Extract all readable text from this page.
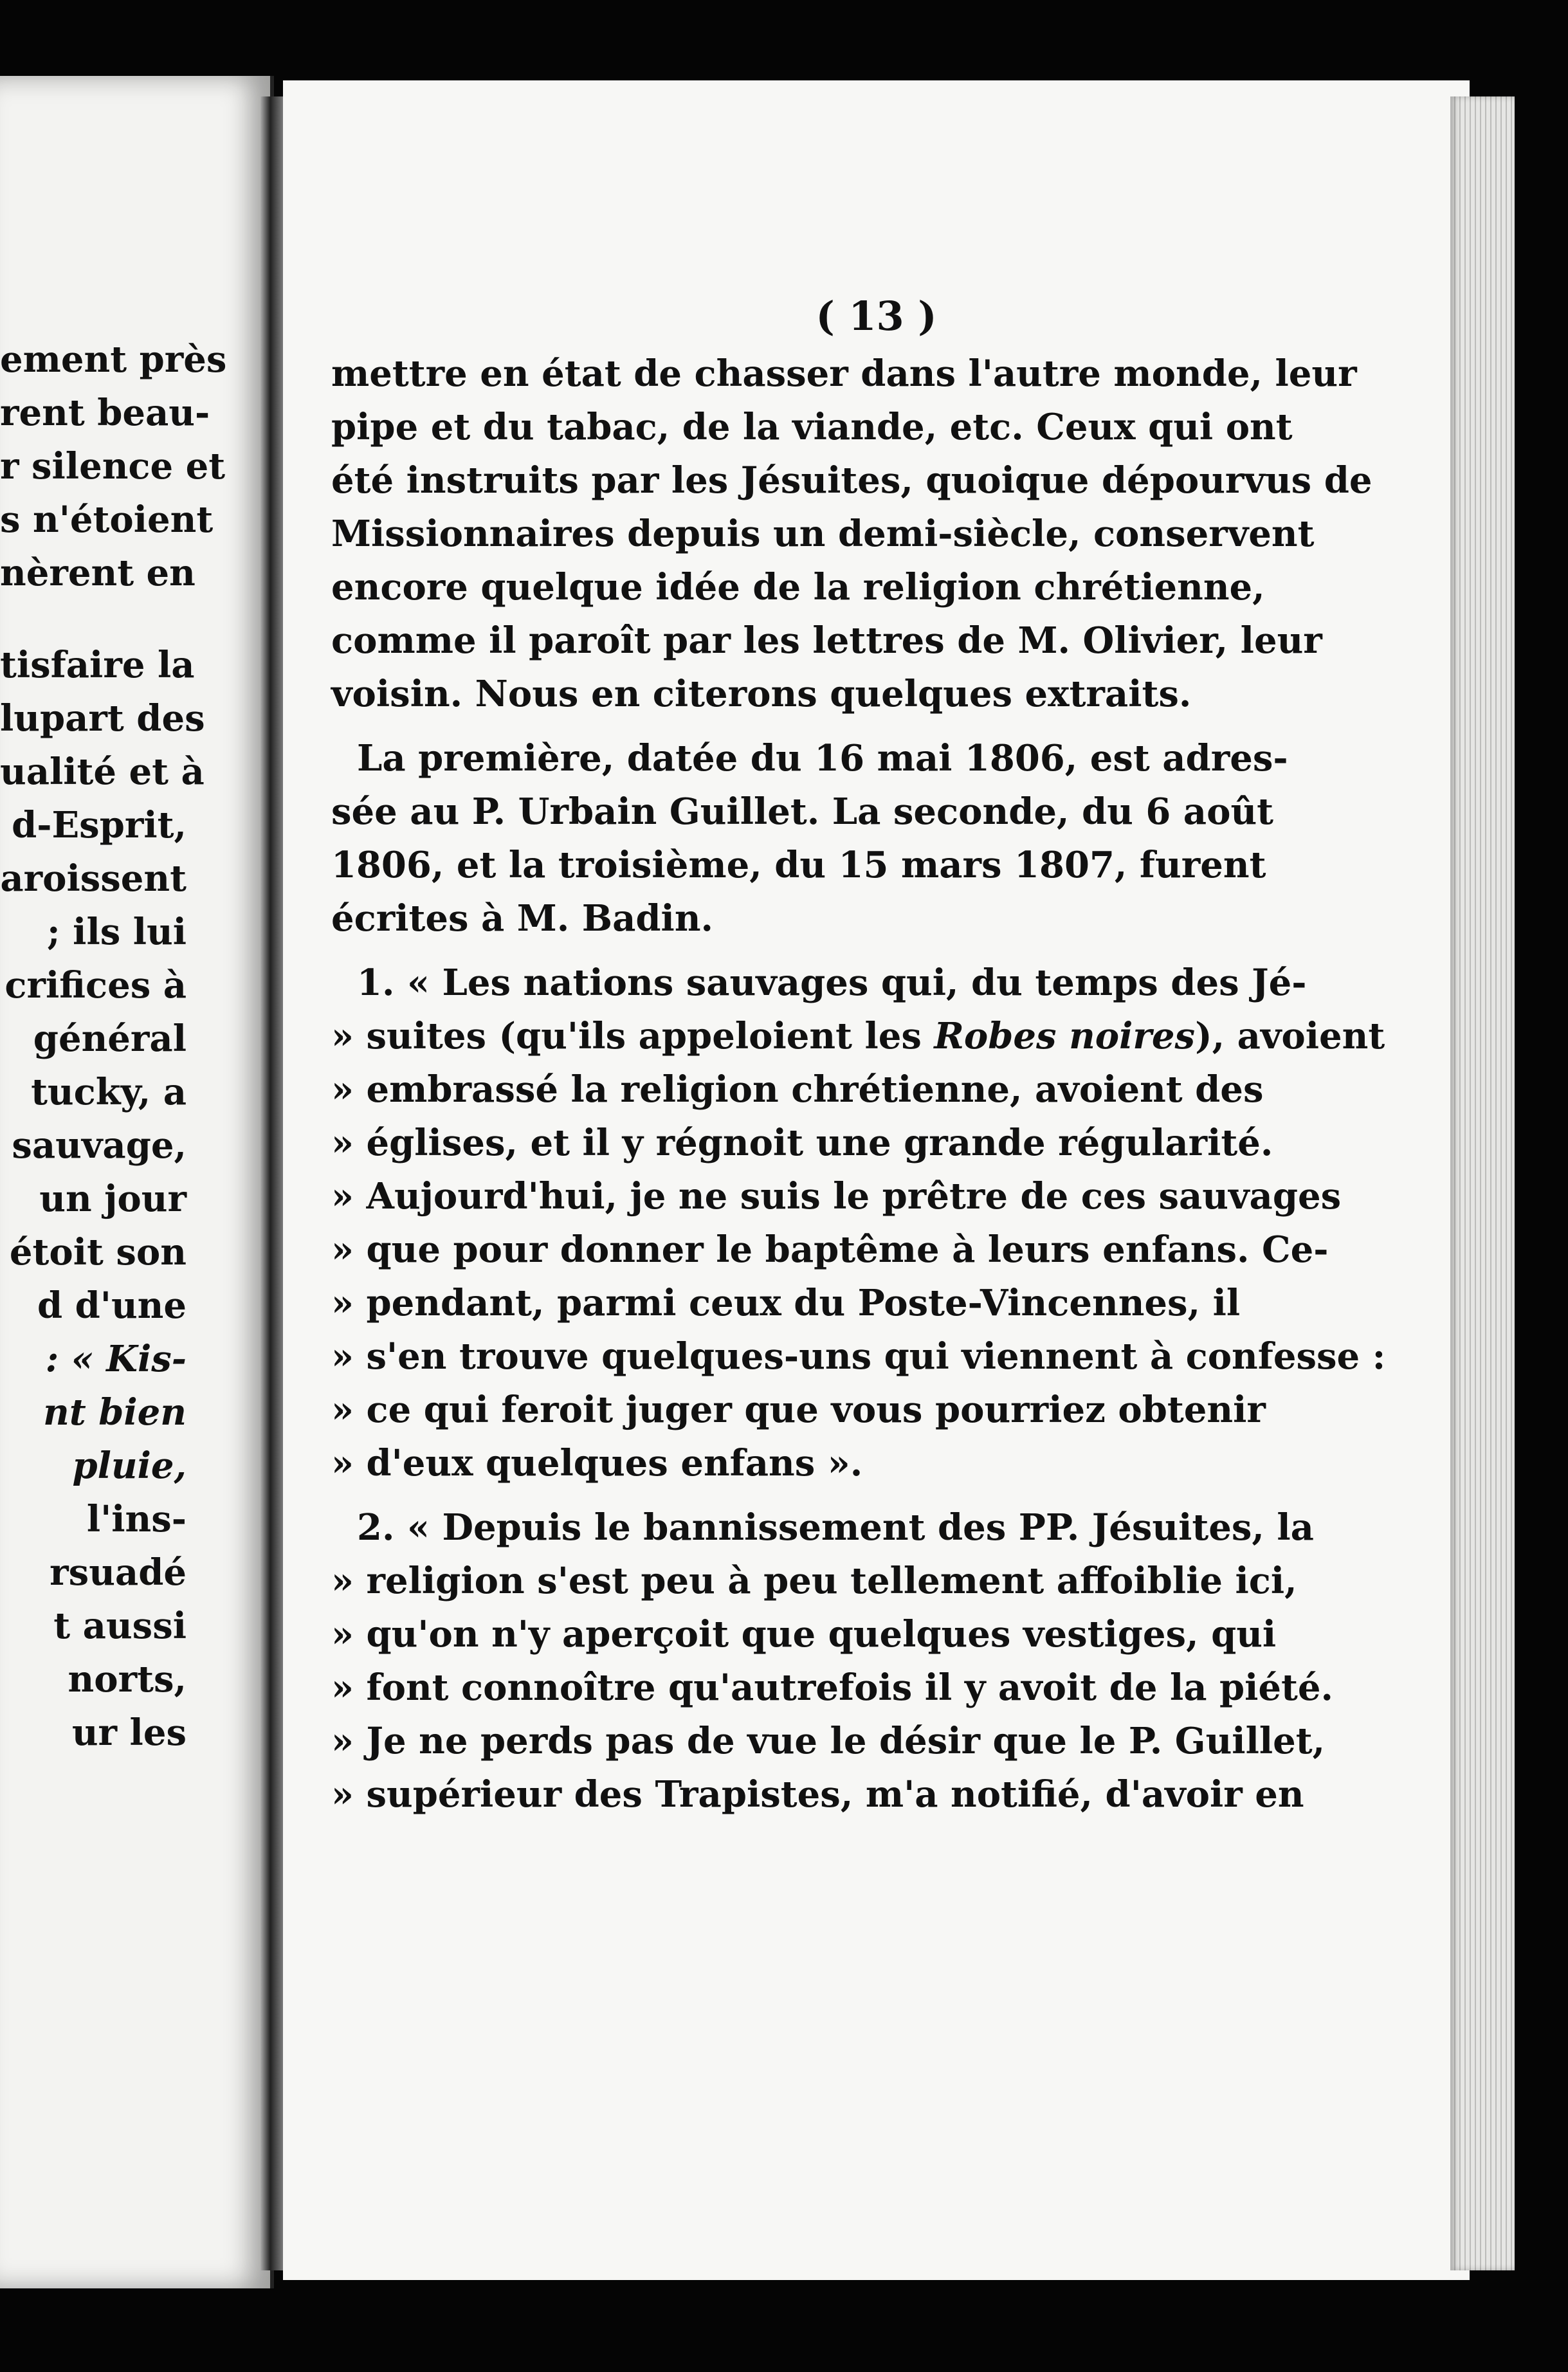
ement près
rent beau-
r silence et
s n'étoient
nèrent en
tisfaire la
lupart des
ualité et à
d-Esprit,
aroissent
; ils lui
crifices à
général
tucky, a
sauvage,
un jour
étoit son
d d'une
: « Kis-
nt bien
pluie,
l'ins-
rsuadé
t aussi
norts,
ur les
( 13 )
mettre en état de chasser dans l'autre monde, leur
pipe et du tabac, de la viande, etc. Ceux qui ont
été instruits par les Jésuites, quoique dépourvus de
Missionnaires depuis un demi-siècle, conservent
encore quelque idée de la religion chrétienne,
comme il paroît par les lettres de M. Olivier, leur
voisin. Nous en citerons quelques extraits.
La première, datée du 16 mai 1806, est adres-
sée au P. Urbain Guillet. La seconde, du 6 août
1806, et la troisième, du 15 mars 1807, furent
écrites à M. Badin.
1. « Les nations sauvages qui, du temps des Jé-
» suites (qu'ils appeloient les Robes noires), avoient
» embrassé la religion chrétienne, avoient des
» églises, et il y régnoit une grande régularité.
» Aujourd'hui, je ne suis le prêtre de ces sauvages
» que pour donner le baptême à leurs enfans. Ce-
» pendant, parmi ceux du Poste-Vincennes, il
» s'en trouve quelques-uns qui viennent à confesse :
» ce qui feroit juger que vous pourriez obtenir
» d'eux quelques enfans ».
2. « Depuis le bannissement des PP. Jésuites, la
» religion s'est peu à peu tellement affoiblie ici,
» qu'on n'y aperçoit que quelques vestiges, qui
» font connoître qu'autrefois il y avoit de la piété.
» Je ne perds pas de vue le désir que le P. Guillet,
» supérieur des Trapistes, m'a notifié, d'avoir en
